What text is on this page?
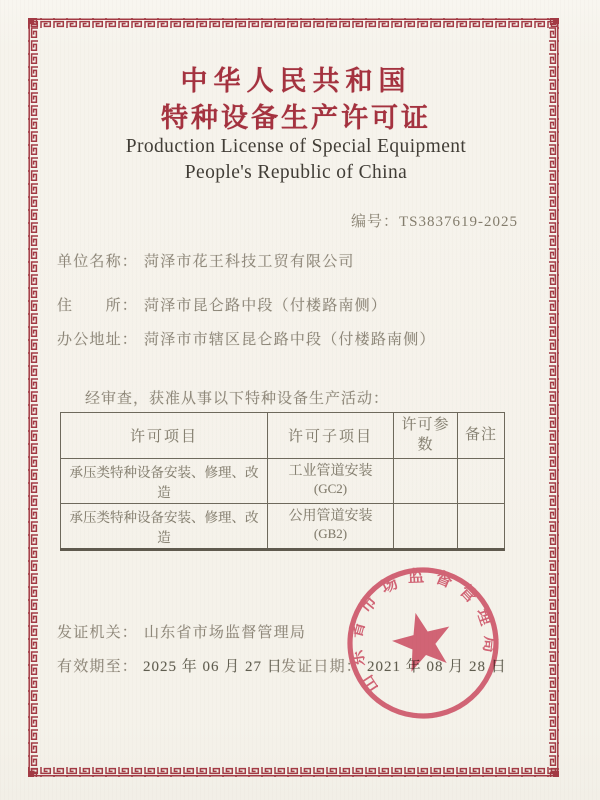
中华人民共和国
特种设备生产许可证
Production License of Special Equipment
People's Republic of China
编号：TS3837619-2025
单位名称： 菏泽市花王科技工贸有限公司
住　　所： 菏泽市昆仑路中段（付楼路南侧）
办公地址： 菏泽市市辖区昆仑路中段（付楼路南侧）
经审查，获准从事以下特种设备生产活动：
许可项目	许可子项目	许可参数	备注
承压类特种设备安装、修理、改造	工业管道安装
(GC2)		

承压类特种设备安装、修理、改造	公用管道安装
(GB2)		

发证机关： 山东省市场监督管理局
有效期至： 2025 年 06 月 27 日
发证日期： 2021 年 08 月 28 日
山东省市场监督管理局
